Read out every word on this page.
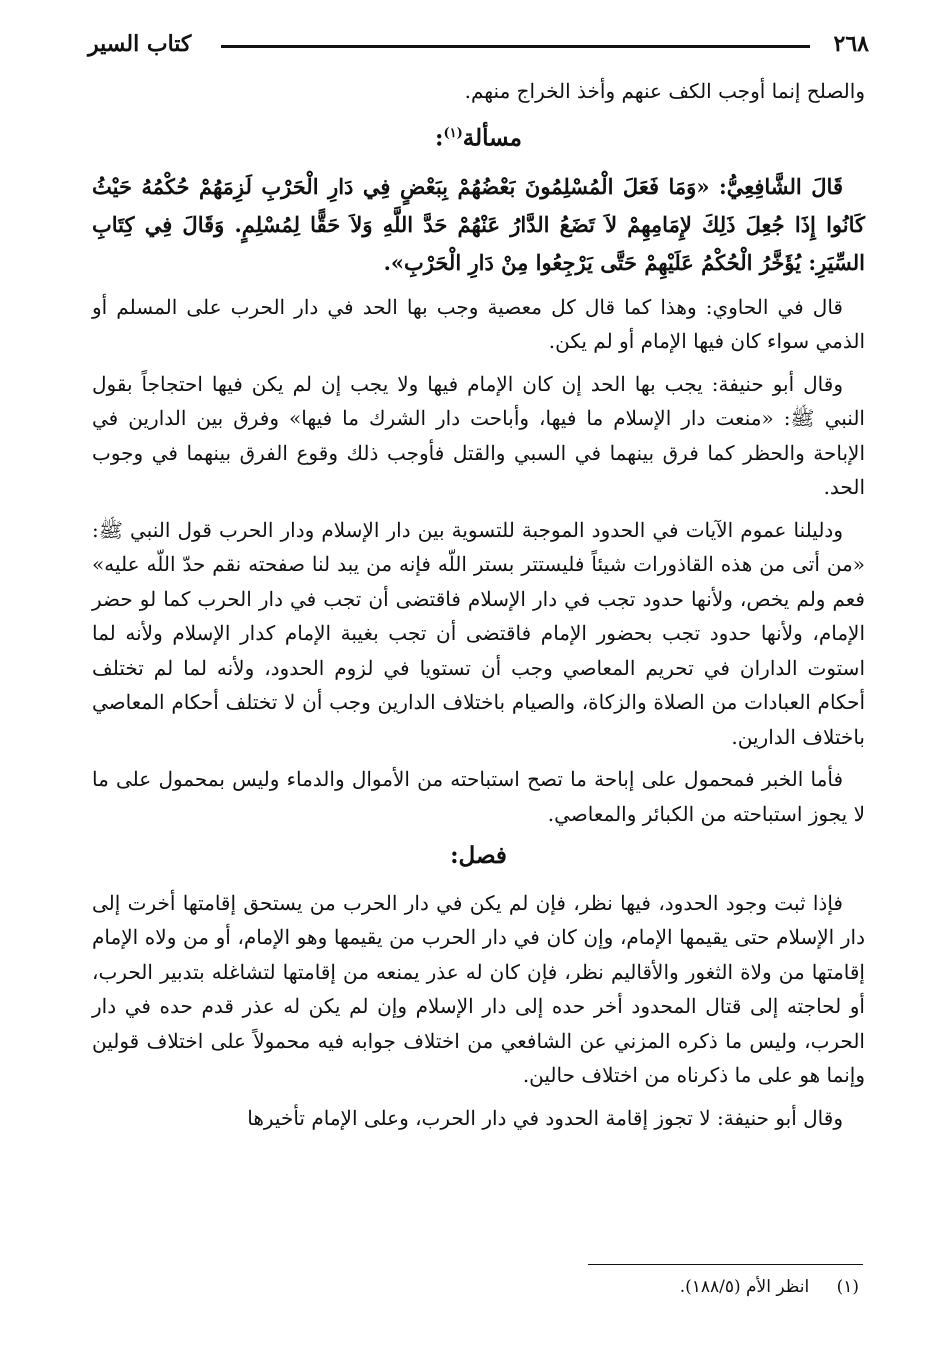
٢٦٨
كتاب السير

والصلح إنما أوجب الكف عنهم وأخذ الخراج منهم.

مسألة$^{(١)}$:

قَالَ الشَّافِعِيُّ: «وَمَا فَعَلَ الْمُسْلِمُونَ بَعْضُهُمْ بِبَعْضٍ فِي دَارِ الْحَرْبِ لَزِمَهُمْ حُكْمُهُ حَيْثُ كَانُوا إِذَا جُعِلَ ذَلِكَ لإِمَامِهِمْ لاَ تَضَعُ الدَّارُ عَنْهُمْ حَدَّ اللَّهِ وَلاَ حَقًّا لِمُسْلِمٍ. وَقَالَ فِي كِتَابِ السِّيَرِ: يُؤَخَّرُ الْحُكْمُ عَلَيْهِمْ حَتَّى يَرْجِعُوا مِنْ دَارِ الْحَرْبِ».

قال في الحاوي: وهذا كما قال كل معصية وجب بها الحد في دار الحرب على المسلم أو الذمي سواء كان فيها الإمام أو لم يكن.

وقال أبو حنيفة: يجب بها الحد إن كان الإمام فيها ولا يجب إن لم يكن فيها احتجاجاً بقول النبي ﷺ: «منعت دار الإسلام ما فيها، وأباحت دار الشرك ما فيها» وفرق بين الدارين في الإباحة والحظر كما فرق بينهما في السبي والقتل فأوجب ذلك وقوع الفرق بينهما في وجوب الحد.

ودليلنا عموم الآيات في الحدود الموجبة للتسوية بين دار الإسلام ودار الحرب قول النبي ﷺ: «من أتى من هذه القاذورات شيئاً فليستتر بستر اللّه فإنه من يبد لنا صفحته نقم حدّ اللّه عليه» فعم ولم يخص، ولأنها حدود تجب في دار الإسلام فاقتضى أن تجب في دار الحرب كما لو حضر الإمام، ولأنها حدود تجب بحضور الإمام فاقتضى أن تجب بغيبة الإمام كدار الإسلام ولأنه لما استوت الداران في تحريم المعاصي وجب أن تستويا في لزوم الحدود، ولأنه لما لم تختلف أحكام العبادات من الصلاة والزكاة، والصيام باختلاف الدارين وجب أن لا تختلف أحكام المعاصي باختلاف الدارين.

فأما الخبر فمحمول على إباحة ما تصح استباحته من الأموال والدماء وليس بمحمول على ما لا يجوز استباحته من الكبائر والمعاصي.

فصل:

فإذا ثبت وجود الحدود، فيها نظر، فإن لم يكن في دار الحرب من يستحق إقامتها أخرت إلى دار الإسلام حتى يقيمها الإمام، وإن كان في دار الحرب من يقيمها وهو الإمام، أو من ولاه الإمام إقامتها من ولاة الثغور والأقاليم نظر، فإن كان له عذر يمنعه من إقامتها لتشاغله بتدبير الحرب، أو لحاجته إلى قتال المحدود أخر حده إلى دار الإسلام وإن لم يكن له عذر قدم حده في دار الحرب، وليس ما ذكره المزني عن الشافعي من اختلاف جوابه فيه محمولاً على اختلاف قولين وإنما هو على ما ذكرناه من اختلاف حالين.

وقال أبو حنيفة: لا تجوز إقامة الحدود في دار الحرب، وعلى الإمام تأخيرها

(١) انظر الأم (١٨٨/٥).
